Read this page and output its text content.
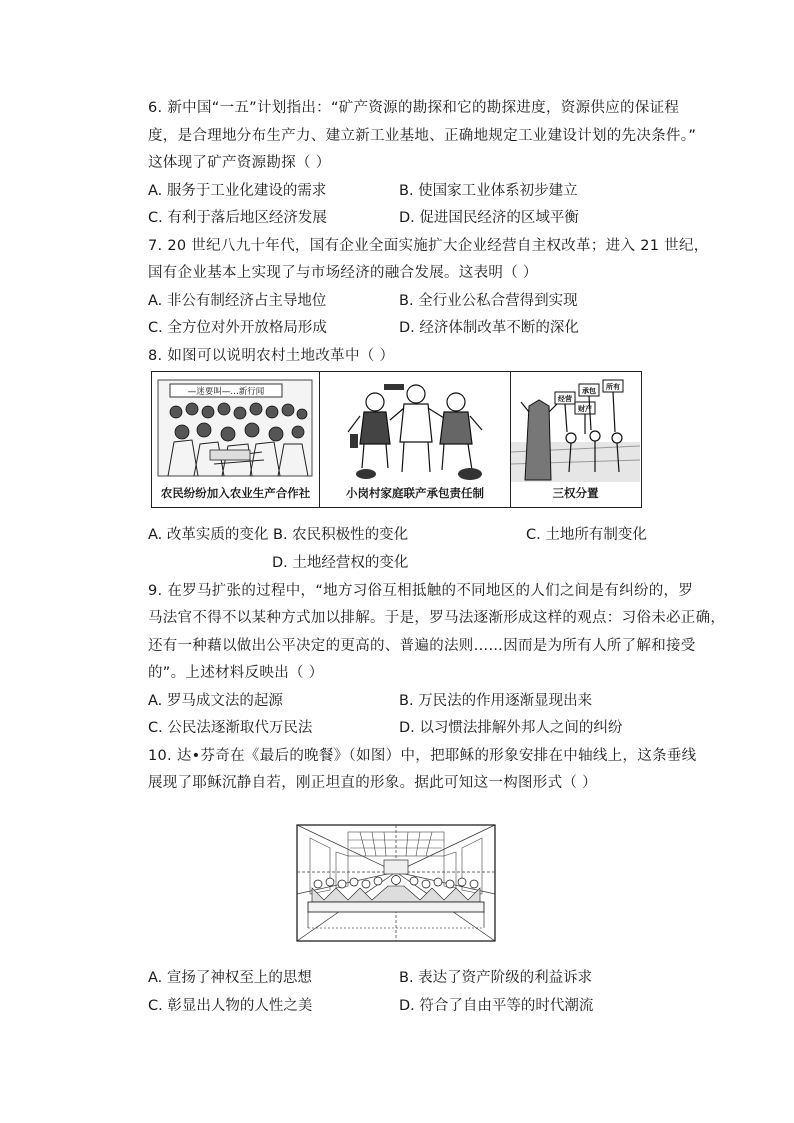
6. 新中国“一五”计划指出：“矿产资源的勘探和它的勘探进度，资源供应的保证程
度，是合理地分布生产力、建立新工业基地、正确地规定工业建设计划的先决条件。”
这体现了矿产资源勘探（ ）
A. 服务于工业化建设的需求	B. 使国家工业体系初步建立
C. 有利于落后地区经济发展	D. 促进国民经济的区域平衡
7. 20 世纪八九十年代，国有企业全面实施扩大企业经营自主权改革；进入 21 世纪，
国有企业基本上实现了与市场经济的融合发展。这表明（ ）
A. 非公有制经济占主导地位	B. 全行业公私合营得到实现
C. 全方位对外开放格局形成	D. 经济体制改革不断的深化
8. 如图可以说明农村土地改革中（ ）
—迷要叫—…新行闻
农民纷纷加入农业生产合作社	小岗村家庭联产承包责任制
经营
承包 所有
财产
三权分置
A. 改革实质的变化 B. 农民积极性的变化	C. 土地所有制变化
D. 土地经营权的变化
9. 在罗马扩张的过程中，“地方习俗互相抵触的不同地区的人们之间是有纠纷的，罗
马法官不得不以某种方式加以排解。于是，罗马法逐渐形成这样的观点：习俗未必正确，
还有一种藉以做出公平决定的更高的、普遍的法则……因而是为所有人所了解和接受
的”。上述材料反映出（ ）
A. 罗马成文法的起源	B. 万民法的作用逐渐显现出来
C. 公民法逐渐取代万民法	D. 以习惯法排解外邦人之间的纠纷
10. 达•芬奇在《最后的晚餐》（如图）中，把耶稣的形象安排在中轴线上，这条垂线
展现了耶稣沉静自若，刚正坦直的形象。据此可知这一构图形式（ ）
A. 宣扬了神权至上的思想	B. 表达了资产阶级的利益诉求
C. 彰显出人物的人性之美	D. 符合了自由平等的时代潮流
